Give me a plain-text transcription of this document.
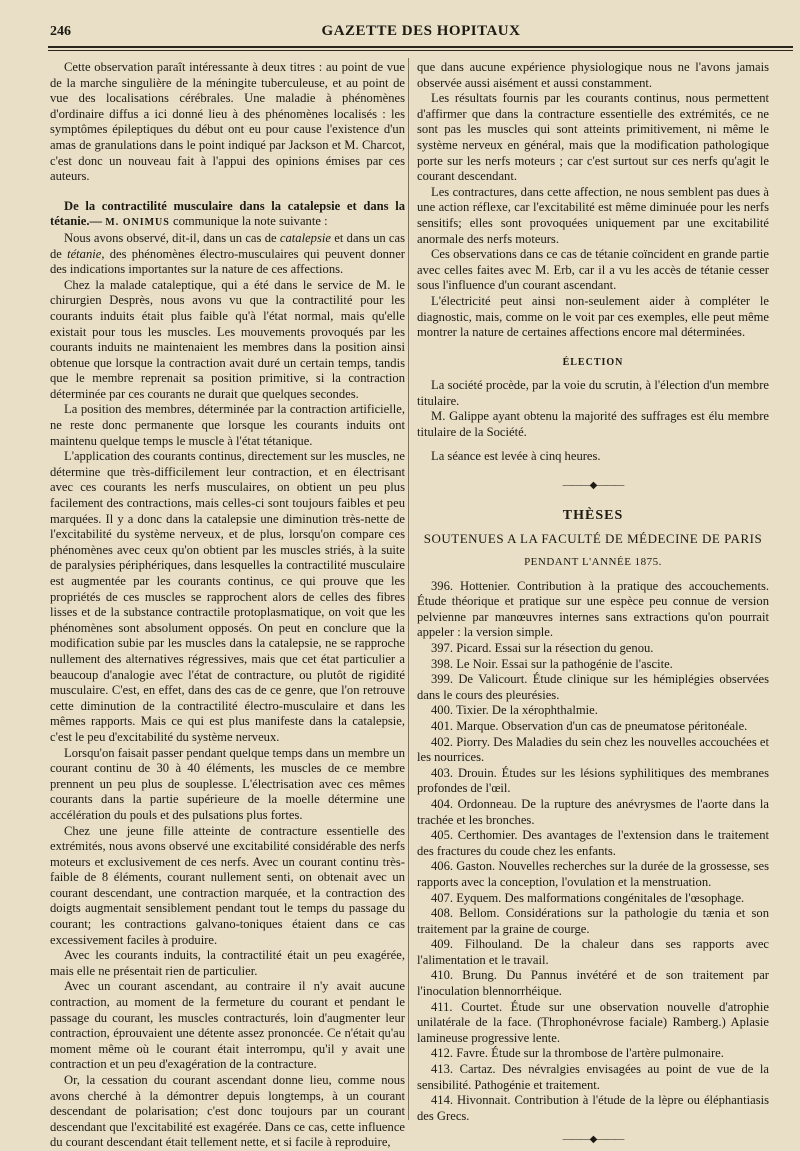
246	GAZETTE DES HOPITAUX

Cette observation paraît intéressante à deux titres : au point de vue de la marche singulière de la méningite tuberculeuse, et au point de vue des localisations cérébrales. Une maladie à phénomènes d'ordinaire diffus a ici donné lieu à des phénomènes localisés : les symptômes épileptiques du début ont eu pour cause l'existence d'un amas de granulations dans le point indiqué par Jackson et M. Charcot, c'est donc un nouveau fait à l'appui des opinions émises par ces auteurs.

De la contractilité musculaire dans la catalepsie et dans la tétanie.— M. ONIMUS communique la note suivante :

Nous avons observé, dit-il, dans un cas de catalepsie et dans un cas de tétanie, des phénomènes électro-musculaires qui peuvent donner des indications importantes sur la nature de ces affections.

Chez la malade cataleptique, qui a été dans le service de M. le chirurgien Desprès, nous avons vu que la contractilité pour les courants induits était plus faible qu'à l'état normal, mais qu'elle existait pour tous les muscles. Les mouvements provoqués par les courants induits ne maintenaient les membres dans la position ainsi obtenue que lorsque la contraction avait duré un certain temps, tandis que le membre reprenait sa position primitive, si la contraction déterminée par ces courants ne durait que quelques secondes.

La position des membres, déterminée par la contraction artificielle, ne reste donc permanente que lorsque les courants induits ont maintenu quelque temps le muscle à l'état tétanique.

L'application des courants continus, directement sur les muscles, ne détermine que très-difficilement leur contraction, et en électrisant avec ces courants les nerfs musculaires, on obtient un peu plus facilement des contractions, mais celles-ci sont toujours faibles et peu marquées. Il y a donc dans la catalepsie une diminution très-nette de l'excitabilité du système nerveux, et de plus, lorsqu'on compare ces phénomènes avec ceux qu'on obtient par les muscles striés, à la suite de paralysies périphériques, dans lesquelles la contractilité musculaire est augmentée par les courants continus, ce qui prouve que les propriétés de ces muscles se rapprochent alors de celles des fibres lisses et de la substance contractile protoplasmatique, on voit que les phénomènes sont absolument opposés. On peut en conclure que la modification subie par les muscles dans la catalepsie, ne se rapproche nullement des alternatives régressives, mais que cet état particulier a beaucoup d'analogie avec l'état de contracture, ou plutôt de rigidité musculaire. C'est, en effet, dans des cas de ce genre, que l'on retrouve cette diminution de la contractilité électro-musculaire et dans les mêmes rapports. Mais ce qui est plus manifeste dans la catalepsie, c'est le peu d'excitabilité du système nerveux.

Lorsqu'on faisait passer pendant quelque temps dans un membre un courant continu de 30 à 40 éléments, les muscles de ce membre prennent un peu plus de souplesse. L'électrisation avec ces mêmes courants dans la partie supérieure de la moelle détermine une accélération du pouls et des pulsations plus fortes.

Chez une jeune fille atteinte de contracture essentielle des extrémités, nous avons observé une excitabilité considérable des nerfs moteurs et exclusivement de ces nerfs. Avec un courant continu très-faible de 8 éléments, courant nullement senti, on obtenait avec un courant descendant, une contraction marquée, et la contraction des doigts augmentait sensiblement pendant tout le temps du passage du courant; les contractions galvano-toniques étaient dans ce cas excessivement faciles à produire.

Avec les courants induits, la contractilité était un peu exagérée, mais elle ne présentait rien de particulier.

Avec un courant ascendant, au contraire il n'y avait aucune contraction, au moment de la fermeture du courant et pendant le passage du courant, les muscles contracturés, loin d'augmenter leur contraction, éprouvaient une détente assez prononcée. Ce n'était qu'au moment même où le courant était interrompu, qu'il y avait une contraction et un peu d'exagération de la contracture.

Or, la cessation du courant ascendant donne lieu, comme nous avons cherché à la démontrer depuis longtemps, à un courant descendant de polarisation; c'est donc toujours par un courant descendant que l'excitabilité est exagérée. Dans ce cas, cette influence du courant descendant était tellement nette, et si facile à reproduire,

que dans aucune expérience physiologique nous ne l'avons jamais observée aussi aisément et aussi constamment.

Les résultats fournis par les courants continus, nous permettent d'affirmer que dans la contracture essentielle des extrémités, ce ne sont pas les muscles qui sont atteints primitivement, ni même le système nerveux en général, mais que la modification pathologique porte sur les nerfs moteurs ; car c'est surtout sur ces nerfs qu'agit le courant descendant.

Les contractures, dans cette affection, ne nous semblent pas dues à une action réflexe, car l'excitabilité est même diminuée pour les nerfs sensitifs; elles sont provoquées uniquement par une excitabilité anormale des nerfs moteurs.

Ces observations dans ce cas de tétanie coïncident en grande partie avec celles faites avec M. Erb, car il a vu les accès de tétanie cesser sous l'influence d'un courant ascendant.

L'électricité peut ainsi non-seulement aider à compléter le diagnostic, mais, comme on le voit par ces exemples, elle peut même montrer la nature de certaines affections encore mal déterminées.

ÉLECTION

La société procède, par la voie du scrutin, à l'élection d'un membre titulaire.

M. Galippe ayant obtenu la majorité des suffrages est élu membre titulaire de la Société.

La séance est levée à cinq heures.

———◆———

THÈSES

SOUTENUES A LA FACULTÉ DE MÉDECINE DE PARIS

PENDANT L'ANNÉE 1875.

396. Hottenier. Contribution à la pratique des accouchements. Étude théorique et pratique sur une espèce peu connue de version pelvienne par manœuvres internes sans extractions qu'on pourrait appeler : la version simple.

397. Picard. Essai sur la résection du genou.

398. Le Noir. Essai sur la pathogénie de l'ascite.

399. De Valicourt. Étude clinique sur les hémiplégies observées dans le cours des pleurésies.

400. Tixier. De la xérophthalmie.

401. Marque. Observation d'un cas de pneumatose péritonéale.

402. Piorry. Des Maladies du sein chez les nouvelles accouchées et les nourrices.

403. Drouin. Études sur les lésions syphilitiques des membranes profondes de l'œil.

404. Ordonneau. De la rupture des anévrysmes de l'aorte dans la trachée et les bronches.

405. Certhomier. Des avantages de l'extension dans le traitement des fractures du coude chez les enfants.

406. Gaston. Nouvelles recherches sur la durée de la grossesse, ses rapports avec la conception, l'ovulation et la menstruation.

407. Eyquem. Des malformations congénitales de l'œsophage.

408. Bellom. Considérations sur la pathologie du tænia et son traitement par la graine de courge.

409. Filhouland. De la chaleur dans ses rapports avec l'alimentation et le travail.

410. Brung. Du Pannus invétéré et de son traitement par l'inoculation blennorrhéique.

411. Courtet. Étude sur une observation nouvelle d'atrophie unilatérale de la face. (Throphonévrose faciale) Ramberg.) Aplasie lamineuse progressive lente.

412. Favre. Étude sur la thrombose de l'artère pulmonaire.

413. Cartaz. Des névralgies envisagées au point de vue de la sensibilité. Pathogénie et traitement.

414. Hivonnait. Contribution à l'étude de la lèpre ou éléphantiasis des Grecs.

———◆———
